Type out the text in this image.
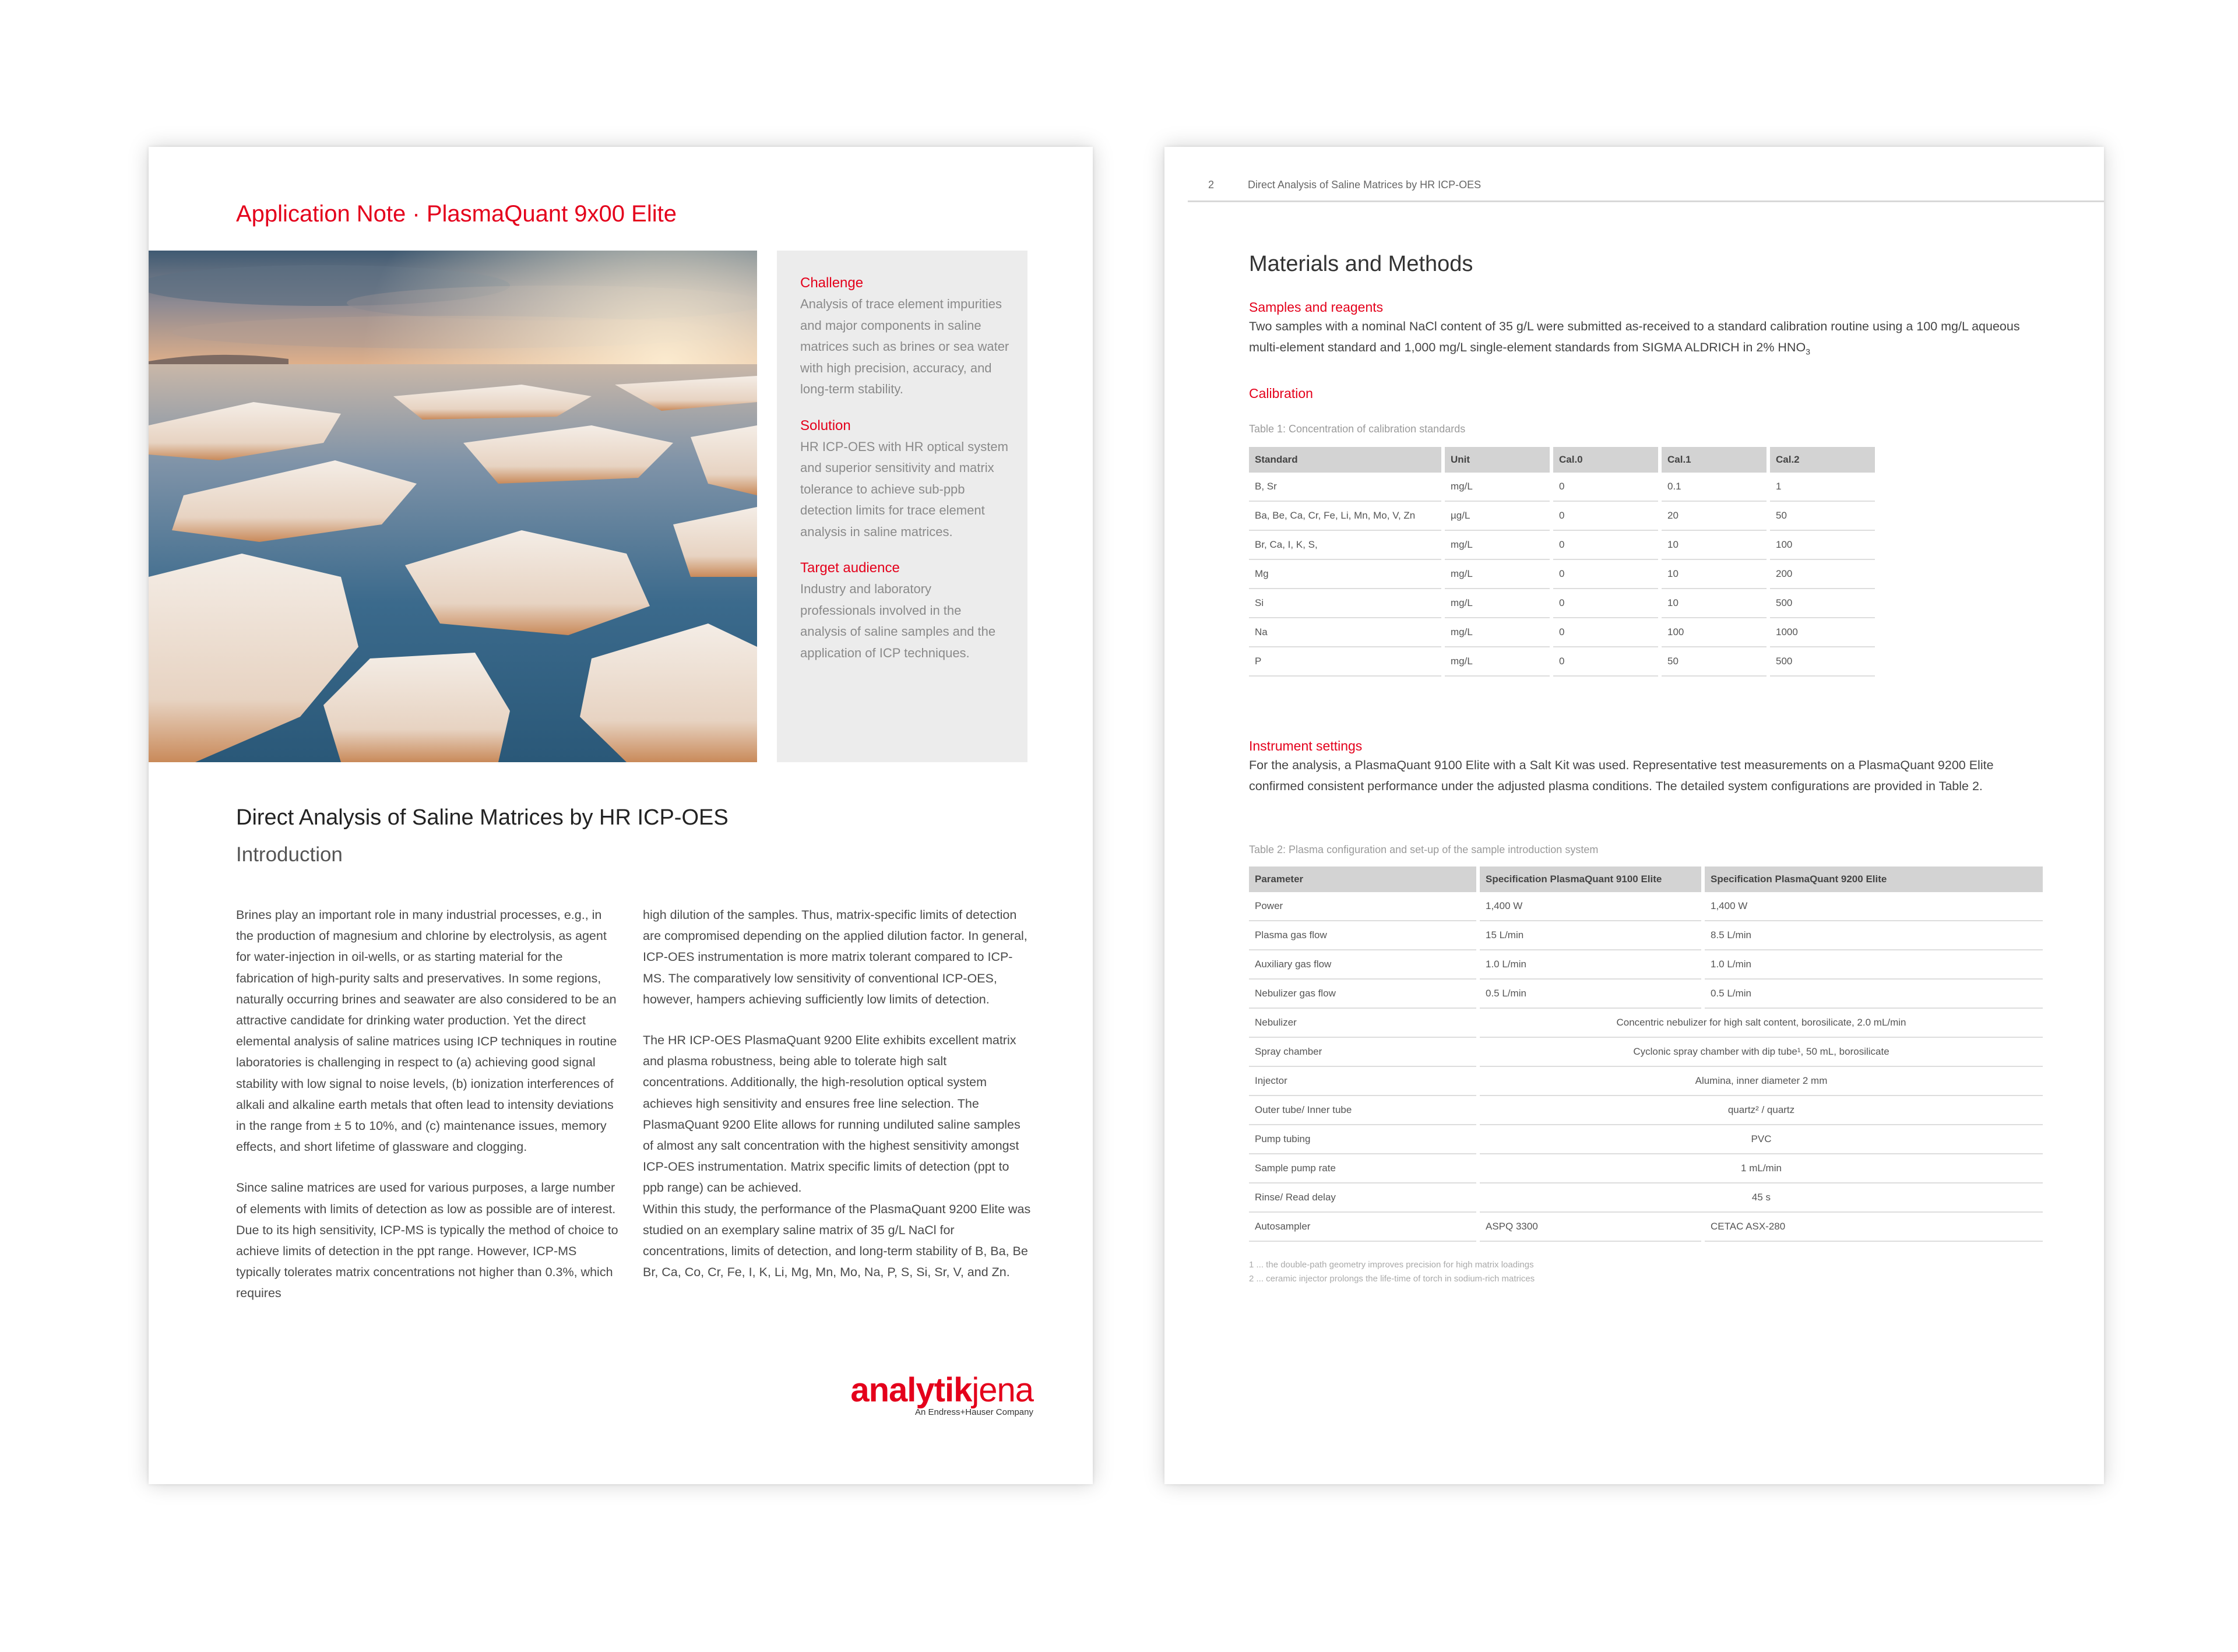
Application Note · PlasmaQuant 9x00 Elite
Challenge
Analysis of trace element impurities and major components in saline matrices such as brines or sea water with high precision, accuracy, and long-term stability.
Solution
HR ICP-OES with HR optical system and superior sensitivity and matrix tolerance to achieve sub-ppb detection limits for trace element analysis in saline matrices.
Target audience
Industry and laboratory professionals involved in the analysis of saline samples and the application of ICP techniques.
Direct Analysis of Saline Matrices by HR ICP-OES
Introduction

Brines play an important role in many industrial processes, e.g., in the production of magnesium and chlorine by electrolysis, as agent for water-injection in oil-wells, or as starting material for the fabrication of high-purity salts and preservatives. In some regions, naturally occurring brines and seawater are also considered to be an attractive candidate for drinking water production. Yet the direct elemental analysis of saline matrices using ICP techniques in routine laboratories is challenging in respect to (a) achieving good signal stability with low signal to noise levels, (b) ionization interferences of alkali and alkaline earth metals that often lead to intensity deviations in the range from ± 5 to 10%, and (c) maintenance issues, memory effects, and short lifetime of glassware and clogging.

Since saline matrices are used for various purposes, a large number of elements with limits of detection as low as possible are of interest. Due to its high sensitivity, ICP-MS is typically the method of choice to achieve limits of detection in the ppt range. However, ICP-MS typically tolerates matrix concentrations not higher than 0.3%, which requires

high dilution of the samples. Thus, matrix-specific limits of detection are compromised depending on the applied dilution factor. In general, ICP-OES instrumentation is more matrix tolerant compared to ICP-MS. The comparatively low sensitivity of conventional ICP-OES, however, hampers achieving sufficiently low limits of detection.

The HR ICP-OES PlasmaQuant 9200 Elite exhibits excellent matrix and plasma robustness, being able to tolerate high salt concentrations. Additionally, the high-resolution optical system achieves high sensitivity and ensures free line selection. The PlasmaQuant 9200 Elite allows for running undiluted saline samples of almost any salt concentration with the highest sensitivity amongst ICP-OES instrumentation. Matrix specific limits of detection (ppt to ppb range) can be achieved.

Within this study, the performance of the PlasmaQuant 9200 Elite was studied on an exemplary saline matrix of 35 g/L NaCl for concentrations, limits of detection, and long-term stability of B, Ba, Be Br, Ca, Co, Cr, Fe, I, K, Li, Mg, Mn, Mo, Na, P, S, Si, Sr, V, and Zn.

analytikjena
An Endress+Hauser Company
2	Direct Analysis of Saline Matrices by HR ICP-OES
Materials and Methods
Samples and reagents
Two samples with a nominal NaCl content of 35 g/L were submitted as-received to a standard calibration routine using a 100 mg/L aqueous multi-element standard and 1,000 mg/L single-element standards from SIGMA ALDRICH in 2% $HNO_3$
Calibration
Table 1: Concentration of calibration standards
Standard	Unit	Cal.0	Cal.1	Cal.2
B, Sr	mg/L	0	0.1	1
Ba, Be, Ca, Cr, Fe, Li, Mn, Mo, V, Zn	µg/L	0	20	50
Br, Ca, I, K, S,	mg/L	0	10	100
Mg	mg/L	0	10	200
Si	mg/L	0	10	500
Na	mg/L	0	100	1000
P	mg/L	0	50	500
Instrument settings
For the analysis, a PlasmaQuant 9100 Elite with a Salt Kit was used. Representative test measurements on a PlasmaQuant 9200 Elite confirmed consistent performance under the adjusted plasma conditions. The detailed system configurations are provided in Table 2.
Table 2: Plasma configuration and set-up of the sample introduction system
Parameter	Specification PlasmaQuant 9100 Elite	Specification PlasmaQuant 9200 Elite
Power	1,400 W	1,400 W
Plasma gas flow	15 L/min	8.5 L/min
Auxiliary gas flow	1.0 L/min	1.0 L/min
Nebulizer gas flow	0.5 L/min	0.5 L/min
Nebulizer	Concentric nebulizer for high salt content, borosilicate, 2.0 mL/min	
Spray chamber	Cyclonic spray chamber with dip tube¹, 50 mL, borosilicate	
Injector	Alumina, inner diameter 2 mm	
Outer tube/ Inner tube	quartz² / quartz	
Pump tubing	PVC	
Sample pump rate	1 mL/min	
Rinse/ Read delay	45 s	
Autosampler	ASPQ 3300	CETAC ASX-280
1 ... the double-path geometry improves precision for high matrix loadings
2 ... ceramic injector prolongs the life-time of torch in sodium-rich matrices
